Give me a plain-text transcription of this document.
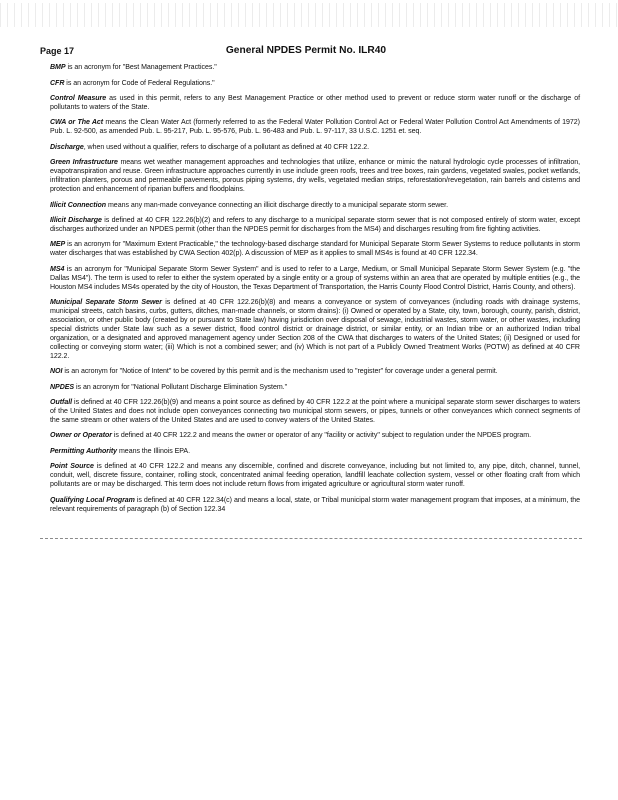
Page 17	General NPDES Permit No. ILR40

BMP is an acronym for "Best Management Practices."

CFR is an acronym for Code of Federal Regulations."

Control Measure as used in this permit, refers to any Best Management Practice or other method used to prevent or reduce storm water runoff or the discharge of pollutants to waters of the State.

CWA or The Act means the Clean Water Act (formerly referred to as the Federal Water Pollution Control Act or Federal Water Pollution Control Act Amendments of 1972) Pub. L. 92-500, as amended Pub. L. 95-217, Pub. L. 95-576, Pub. L. 96-483 and Pub. L. 97-117, 33 U.S.C. 1251 et. seq.

Discharge, when used without a qualifier, refers to discharge of a pollutant as defined at 40 CFR 122.2.

Green Infrastructure means wet weather management approaches and technologies that utilize, enhance or mimic the natural hydrologic cycle processes of infiltration, evapotranspiration and reuse. Green infrastructure approaches currently in use include green roofs, trees and tree boxes, rain gardens, vegetated swales, pocket wetlands, infiltration planters, porous and permeable pavements, porous piping systems, dry wells, vegetated median strips, reforestation/revegetation, rain barrels and cisterns and protection and enhancement of riparian buffers and floodplains.

Illicit Connection means any man-made conveyance connecting an illicit discharge directly to a municipal separate storm sewer.

Illicit Discharge is defined at 40 CFR 122.26(b)(2) and refers to any discharge to a municipal separate storm sewer that is not composed entirely of storm water, except discharges authorized under an NPDES permit (other than the NPDES permit for discharges from the MS4) and discharges resulting from fire fighting activities.

MEP is an acronym for "Maximum Extent Practicable," the technology-based discharge standard for Municipal Separate Storm Sewer Systems to reduce pollutants in storm water discharges that was established by CWA Section 402(p). A discussion of MEP as it applies to small MS4s is found at 40 CFR 122.34.

MS4 is an acronym for "Municipal Separate Storm Sewer System" and is used to refer to a Large, Medium, or Small Municipal Separate Storm Sewer System (e.g. "the Dallas MS4"). The term is used to refer to either the system operated by a single entity or a group of systems within an area that are operated by multiple entities (e.g., the Houston MS4 includes MS4s operated by the city of Houston, the Texas Department of Transportation, the Harris County Flood Control District, Harris County, and others).

Municipal Separate Storm Sewer is defined at 40 CFR 122.26(b)(8) and means a conveyance or system of conveyances (including roads with drainage systems, municipal streets, catch basins, curbs, gutters, ditches, man-made channels, or storm drains): (i) Owned or operated by a State, city, town, borough, county, parish, district, association, or other public body (created by or pursuant to State law) having jurisdiction over disposal of sewage, industrial wastes, storm water, or other wastes, including special districts under State law such as a sewer district, flood control district or drainage district, or similar entity, or an Indian tribe or an authorized Indian tribal organization, or a designated and approved management agency under Section 208 of the CWA that discharges to waters of the United States; (ii) Designed or used for collecting or conveying storm water; (iii) Which is not a combined sewer; and (iv) Which is not part of a Publicly Owned Treatment Works (POTW) as defined at 40 CFR 122.2.

NOI is an acronym for "Notice of Intent" to be covered by this permit and is the mechanism used to "register" for coverage under a general permit.

NPDES is an acronym for "National Pollutant Discharge Elimination System."

Outfall is defined at 40 CFR 122.26(b)(9) and means a point source as defined by 40 CFR 122.2 at the point where a municipal separate storm sewer discharges to waters of the United States and does not include open conveyances connecting two municipal storm sewers, or pipes, tunnels or other conveyances which connect segments of the same stream or other waters of the United States and are used to convey waters of the United States.

Owner or Operator is defined at 40 CFR 122.2 and means the owner or operator of any "facility or activity" subject to regulation under the NPDES program.

Permitting Authority means the Illinois EPA.

Point Source is defined at 40 CFR 122.2 and means any discernible, confined and discrete conveyance, including but not limited to, any pipe, ditch, channel, tunnel, conduit, well, discrete fissure, container, rolling stock, concentrated animal feeding operation, landfill leachate collection system, vessel or other floating craft from which pollutants are or may be discharged. This term does not include return flows from irrigated agriculture or agricultural storm water runoff.

Qualifying Local Program is defined at 40 CFR 122.34(c) and means a local, state, or Tribal municipal storm water management program that imposes, at a minimum, the relevant requirements of paragraph (b) of Section 122.34
